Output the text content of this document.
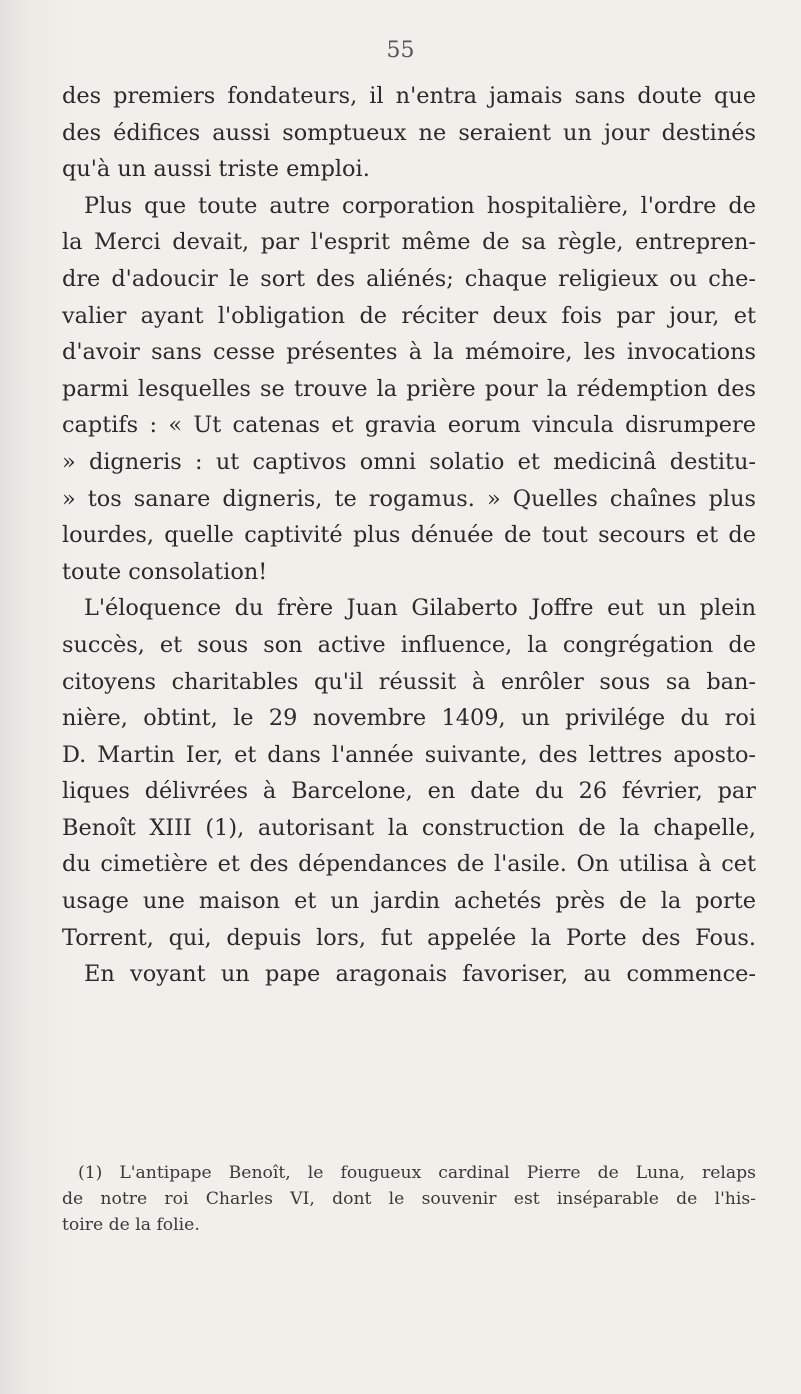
55
des premiers fondateurs, il n'entra jamais sans doute que
des édifices aussi somptueux ne seraient un jour destinés
qu'à un aussi triste emploi.
Plus que toute autre corporation hospitalière, l'ordre de
la Merci devait, par l'esprit même de sa règle, entrepren-
dre d'adoucir le sort des aliénés; chaque religieux ou che-
valier ayant l'obligation de réciter deux fois par jour, et
d'avoir sans cesse présentes à la mémoire, les invocations
parmi lesquelles se trouve la prière pour la rédemption des
captifs : « Ut catenas et gravia eorum vincula disrumpere
» digneris : ut captivos omni solatio et medicinâ destitu-
» tos sanare digneris, te rogamus. » Quelles chaînes plus
lourdes, quelle captivité plus dénuée de tout secours et de
toute consolation!
L'éloquence du frère Juan Gilaberto Joffre eut un plein
succès, et sous son active influence, la congrégation de
citoyens charitables qu'il réussit à enrôler sous sa ban-
nière, obtint, le 29 novembre 1409, un privilége du roi
D. Martin Ier, et dans l'année suivante, des lettres aposto-
liques délivrées à Barcelone, en date du 26 février, par
Benoît XIII (1), autorisant la construction de la chapelle,
du cimetière et des dépendances de l'asile. On utilisa à cet
usage une maison et un jardin achetés près de la porte
Torrent, qui, depuis lors, fut appelée la Porte des Fous.
En voyant un pape aragonais favoriser, au commence-
(1) L'antipape Benoît, le fougueux cardinal Pierre de Luna, relaps
de notre roi Charles VI, dont le souvenir est inséparable de l'his-
toire de la folie.
